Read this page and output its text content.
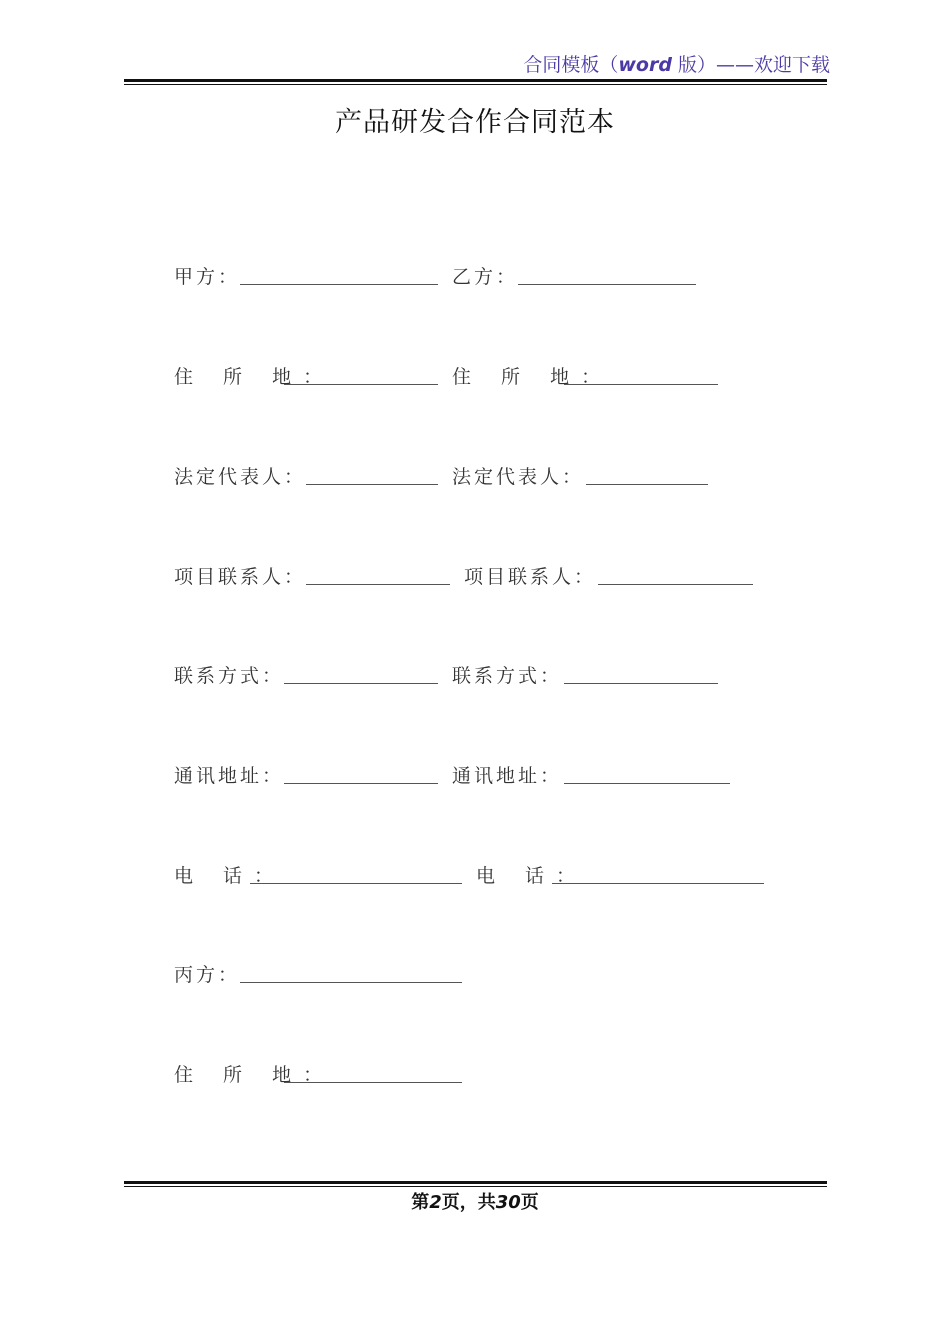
合同模板（word 版）——欢迎下载
产品研发合作合同范本
甲方：	乙方：
住 所 地：	住 所 地：
法定代表人：	法定代表人：
项目联系人：	项目联系人：
联系方式：	联系方式：
通讯地址：	通讯地址：
电 话：	电 话：
丙方：
住 所 地：
第2页，共30页
